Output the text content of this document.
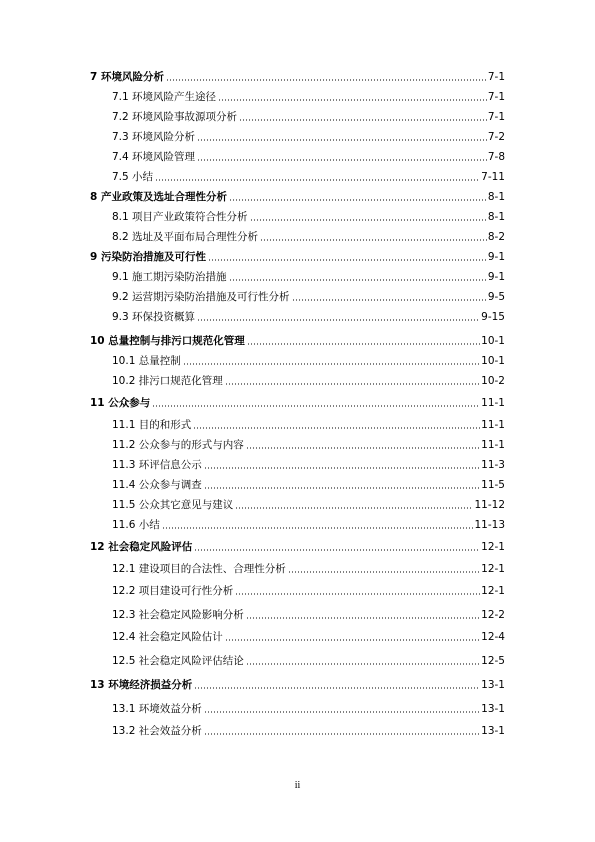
7 环境风险分析	7-1
7.1 环境风险产生途径	7-1
7.2 环境风险事故源项分析	7-1
7.3 环境风险分析	7-2
7.4 环境风险管理	7-8
7.5 小结	7-11
8 产业政策及选址合理性分析	8-1
8.1 项目产业政策符合性分析	8-1
8.2 选址及平面布局合理性分析	8-2
9 污染防治措施及可行性	9-1
9.1 施工期污染防治措施	9-1
9.2 运营期污染防治措施及可行性分析	9-5
9.3 环保投资概算	9-15
10 总量控制与排污口规范化管理	10-1
10.1 总量控制	10-1
10.2 排污口规范化管理	10-2
11 公众参与	11-1
11.1 目的和形式	11-1
11.2 公众参与的形式与内容	11-1
11.3 环评信息公示	11-3
11.4 公众参与调查	11-5
11.5 公众其它意见与建议	11-12
11.6 小结	11-13
12 社会稳定风险评估	12-1
12.1 建设项目的合法性、合理性分析	12-1
12.2 项目建设可行性分析	12-1
12.3 社会稳定风险影响分析	12-2
12.4 社会稳定风险估计	12-4
12.5 社会稳定风险评估结论	12-5
13 环境经济损益分析	13-1
13.1 环境效益分析	13-1
13.2 社会效益分析	13-1
ii
